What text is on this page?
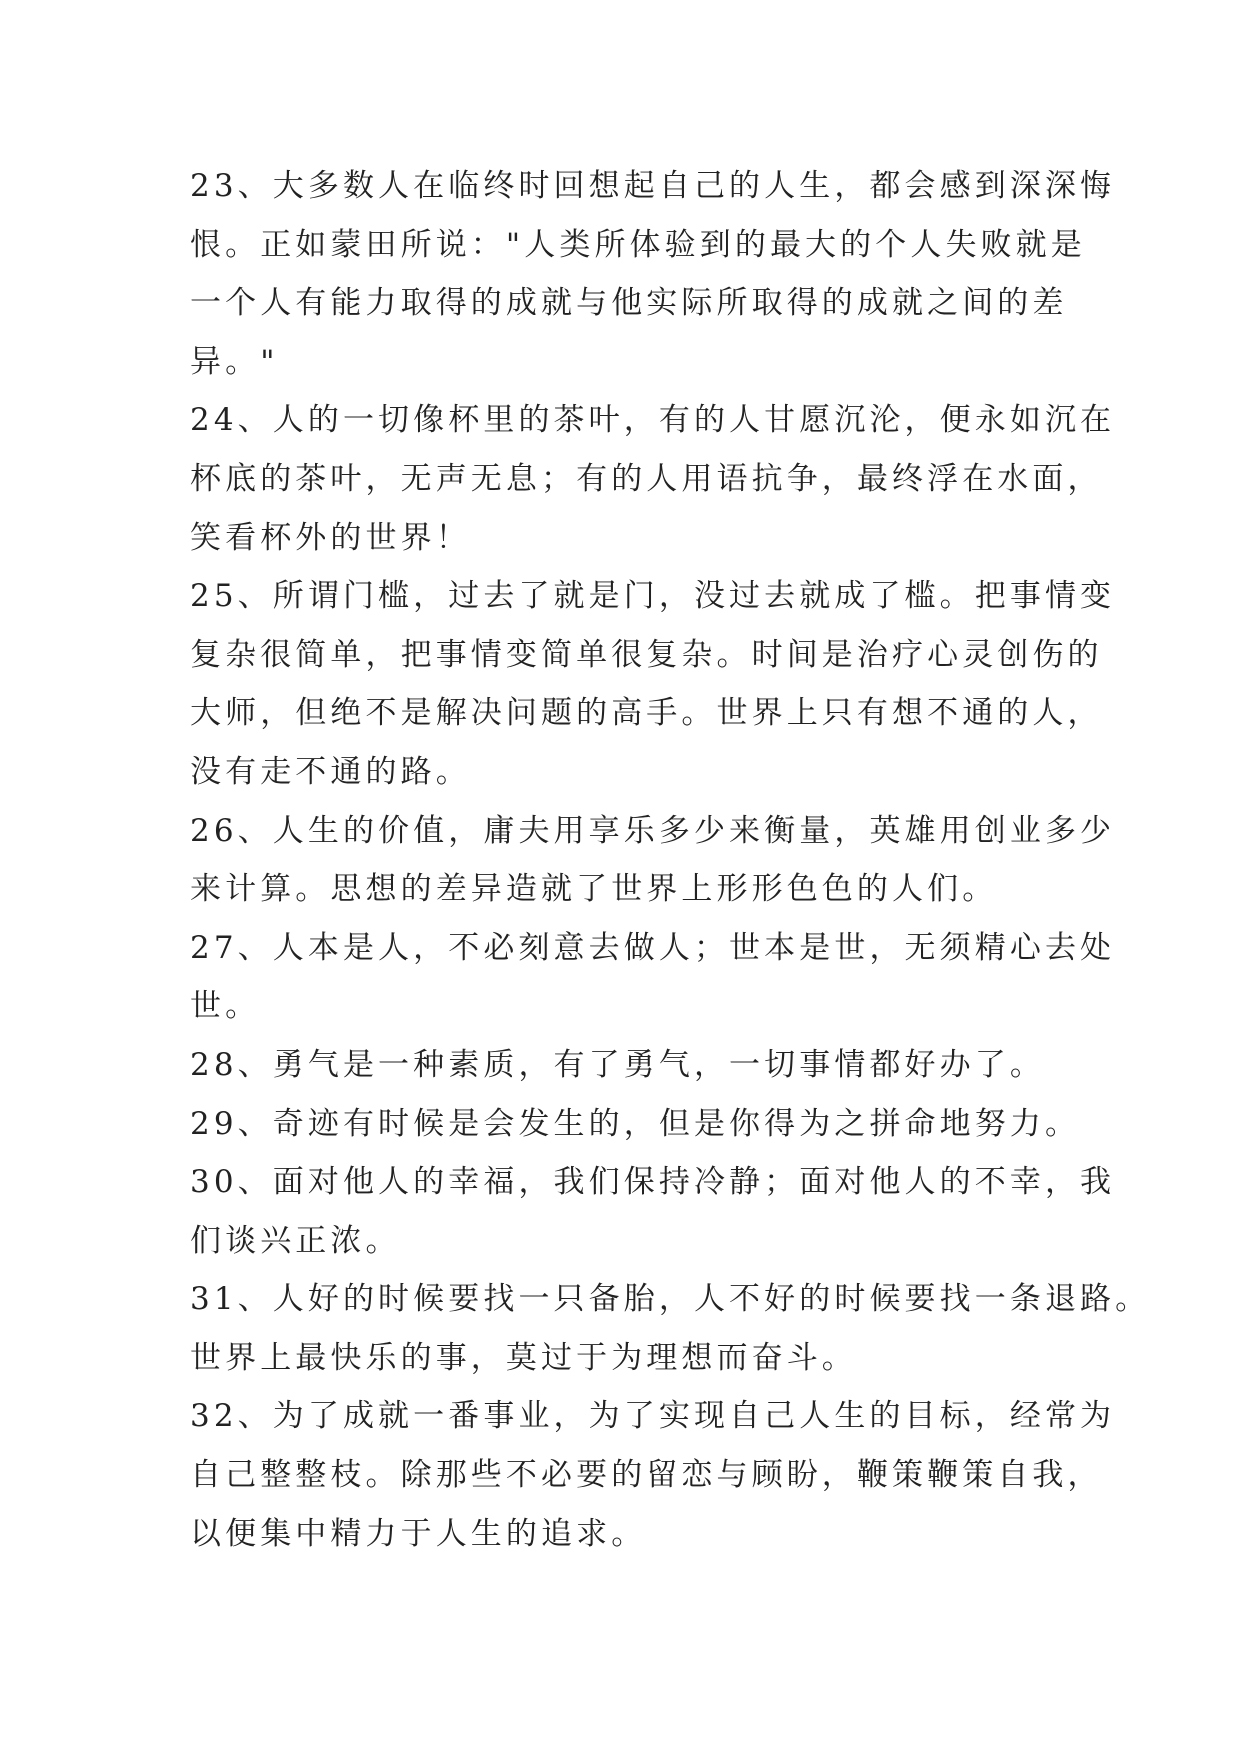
23、大多数人在临终时回想起自己的人生，都会感到深深悔
恨。正如蒙田所说："人类所体验到的最大的个人失败就是
一个人有能力取得的成就与他实际所取得的成就之间的差
异。"
24、人的一切像杯里的茶叶，有的人甘愿沉沦，便永如沉在
杯底的茶叶，无声无息；有的人用语抗争，最终浮在水面，
笑看杯外的世界！
25、所谓门槛，过去了就是门，没过去就成了槛。把事情变
复杂很简单，把事情变简单很复杂。时间是治疗心灵创伤的
大师，但绝不是解决问题的高手。世界上只有想不通的人，
没有走不通的路。
26、人生的价值，庸夫用享乐多少来衡量，英雄用创业多少
来计算。思想的差异造就了世界上形形色色的人们。
27、人本是人，不必刻意去做人；世本是世，无须精心去处
世。
28、勇气是一种素质，有了勇气，一切事情都好办了。
29、奇迹有时候是会发生的，但是你得为之拼命地努力。
30、面对他人的幸福，我们保持冷静；面对他人的不幸，我
们谈兴正浓。
31、人好的时候要找一只备胎，人不好的时候要找一条退路。
世界上最快乐的事，莫过于为理想而奋斗。
32、为了成就一番事业，为了实现自己人生的目标，经常为
自己整整枝。除那些不必要的留恋与顾盼，鞭策鞭策自我，
以便集中精力于人生的追求。
